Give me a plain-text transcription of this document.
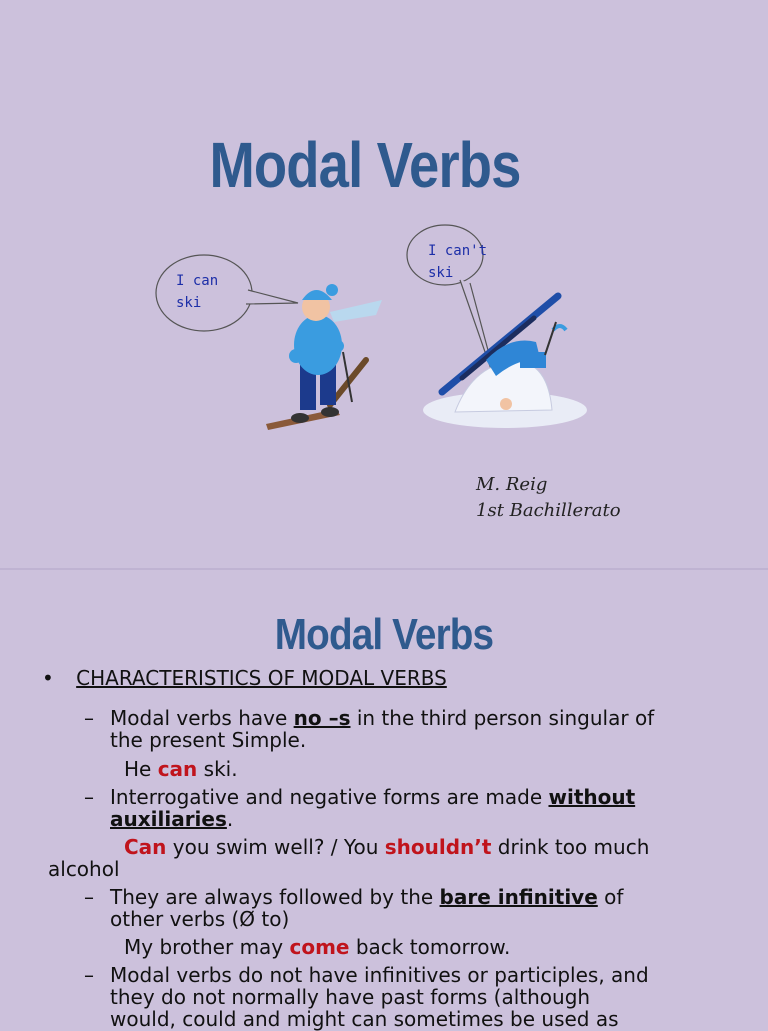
Modal Verbs
I can
ski
I can't
ski
M. Reig
1st Bachillerato
Modal Verbs
• CHARACTERISTICS OF MODAL VERBS
– Modal verbs have no –s in the third person singular of
the present Simple.
He can ski.
– Interrogative and negative forms are made without
auxiliaries.
Can you swim well? / You shouldn’t drink too much
alcohol
– They are always followed by the bare infinitive of
other verbs (Ø to)
My brother may come back tomorrow.
– Modal verbs do not have infinitives or participles, and
they do not normally have past forms (although
would, could and might can sometimes be used as
